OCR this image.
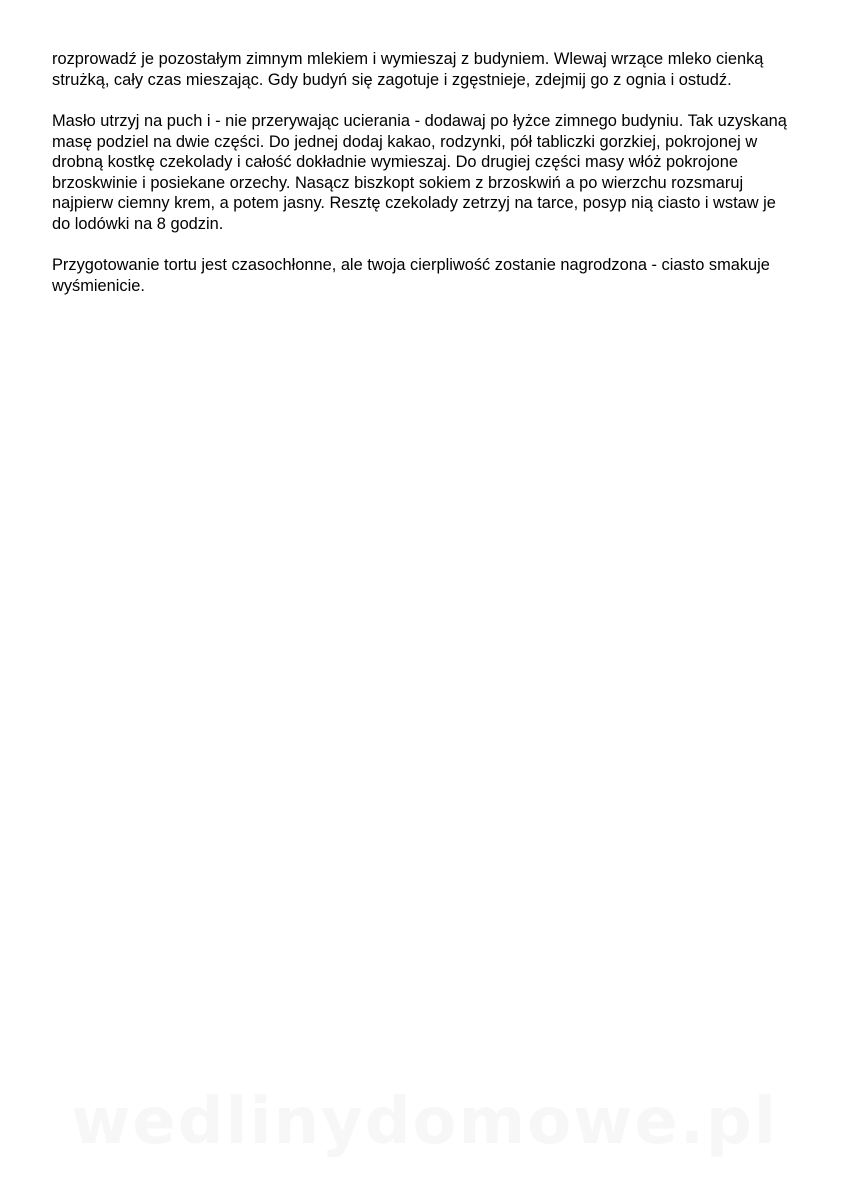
rozprowadź je pozostałym zimnym mlekiem i wymieszaj z budyniem. Wlewaj wrzące mleko cienką strużką, cały czas mieszając. Gdy budyń się zagotuje i zgęstnieje, zdejmij go z ognia i ostudź.

Masło utrzyj na puch i - nie przerywając ucierania - dodawaj po łyżce zimnego budyniu. Tak uzyskaną masę podziel na dwie części. Do jednej dodaj kakao, rodzynki, pół tabliczki gorzkiej, pokrojonej w drobną kostkę czekolady i całość dokładnie wymieszaj. Do drugiej części masy włóż pokrojone brzoskwinie i posiekane orzechy. Nasącz biszkopt sokiem z brzoskwiń a po wierzchu rozsmaruj najpierw ciemny krem, a potem jasny. Resztę czekolady zetrzyj na tarce, posyp nią ciasto i wstaw je do lodówki na 8 godzin.

Przygotowanie tortu jest czasochłonne, ale twoja cierpliwość zostanie nagrodzona - ciasto smakuje wyśmienicie.

wedlinydomowe.pl
